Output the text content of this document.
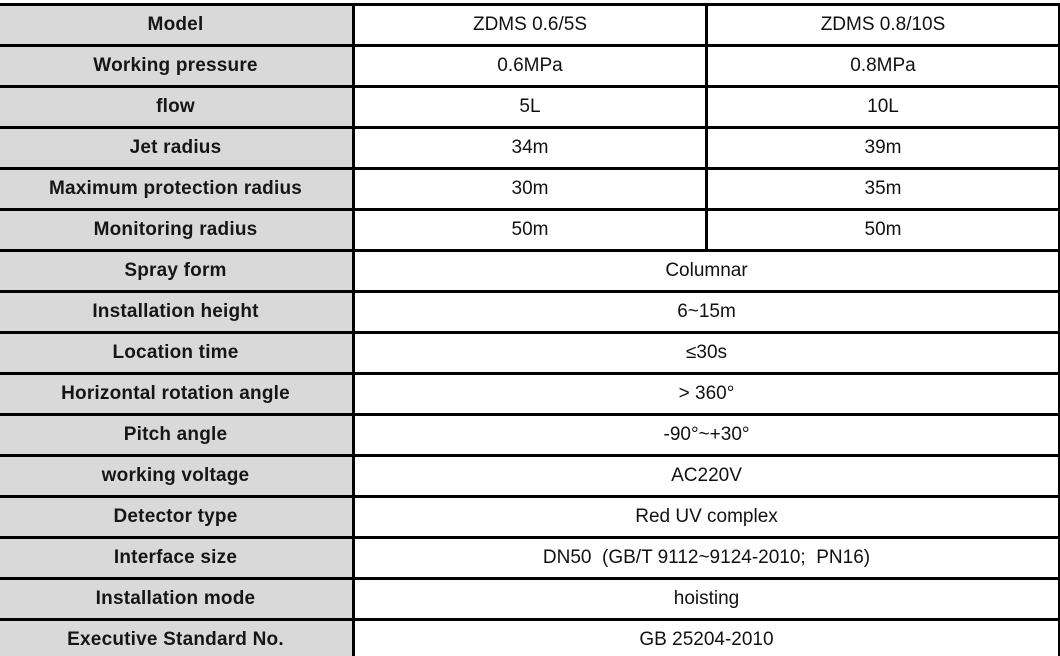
Model	ZDMS 0.6/5S	ZDMS 0.8/10S
Working pressure	0.6MPa	0.8MPa
flow	5L	10L
Jet radius	34m	39m
Maximum protection radius	30m	35m
Monitoring radius	50m	50m
Spray form	Columnar	
Installation height	6~15m	
Location time	≤30s	
Horizontal rotation angle	> 360°	
Pitch angle	-90°~+30°	
working voltage	AC220V	
Detector type	Red UV complex	
Interface size	DN50  (GB/T 9112~9124-2010;  PN16)	
Installation mode	hoisting	
Executive Standard No.	GB 25204-2010	
